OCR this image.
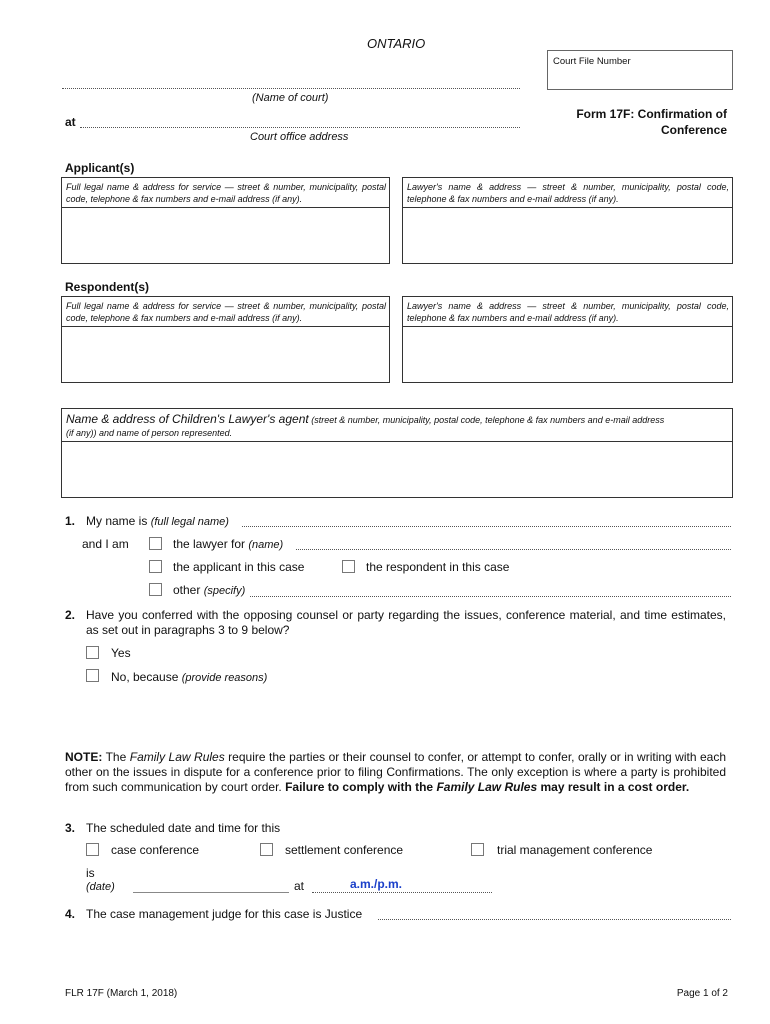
ONTARIO
Court File Number
(Name of court)
at
Court office address
Form 17F: Confirmation of
Conference
Applicant(s)
Full legal name & address for service — street & number, municipality, postal code, telephone & fax numbers and e-mail address (if any).
Lawyer's name & address — street & number, municipality, postal code, telephone & fax numbers and e-mail address (if any).
Respondent(s)
Full legal name & address for service — street & number, municipality, postal code, telephone & fax numbers and e-mail address (if any).
Lawyer's name & address — street & number, municipality, postal code, telephone & fax numbers and e-mail address (if any).
Name & address of Children's Lawyer's agent (street & number, municipality, postal code, telephone & fax numbers and e-mail address
(if any)) and name of person represented.
1. My name is (full legal name)
and I am	the lawyer for (name)
the applicant in this case	the respondent in this case
other (specify)
2. Have you conferred with the opposing counsel or party regarding the issues, conference material, and time estimates, as set out in paragraphs 3 to 9 below?
Yes
No, because (provide reasons)
NOTE: The Family Law Rules require the parties or their counsel to confer, or attempt to confer, orally or in writing with each other on the issues in dispute for a conference prior to filing Confirmations. The only exception is where a party is prohibited from such communication by court order. Failure to comply with the Family Law Rules may result in a cost order.
3. The scheduled date and time for this
case conference	settlement conference	trial management conference
is
(date)	at	a.m./p.m.
4. The case management judge for this case is Justice
FLR 17F (March 1, 2018)	Page 1 of 2
